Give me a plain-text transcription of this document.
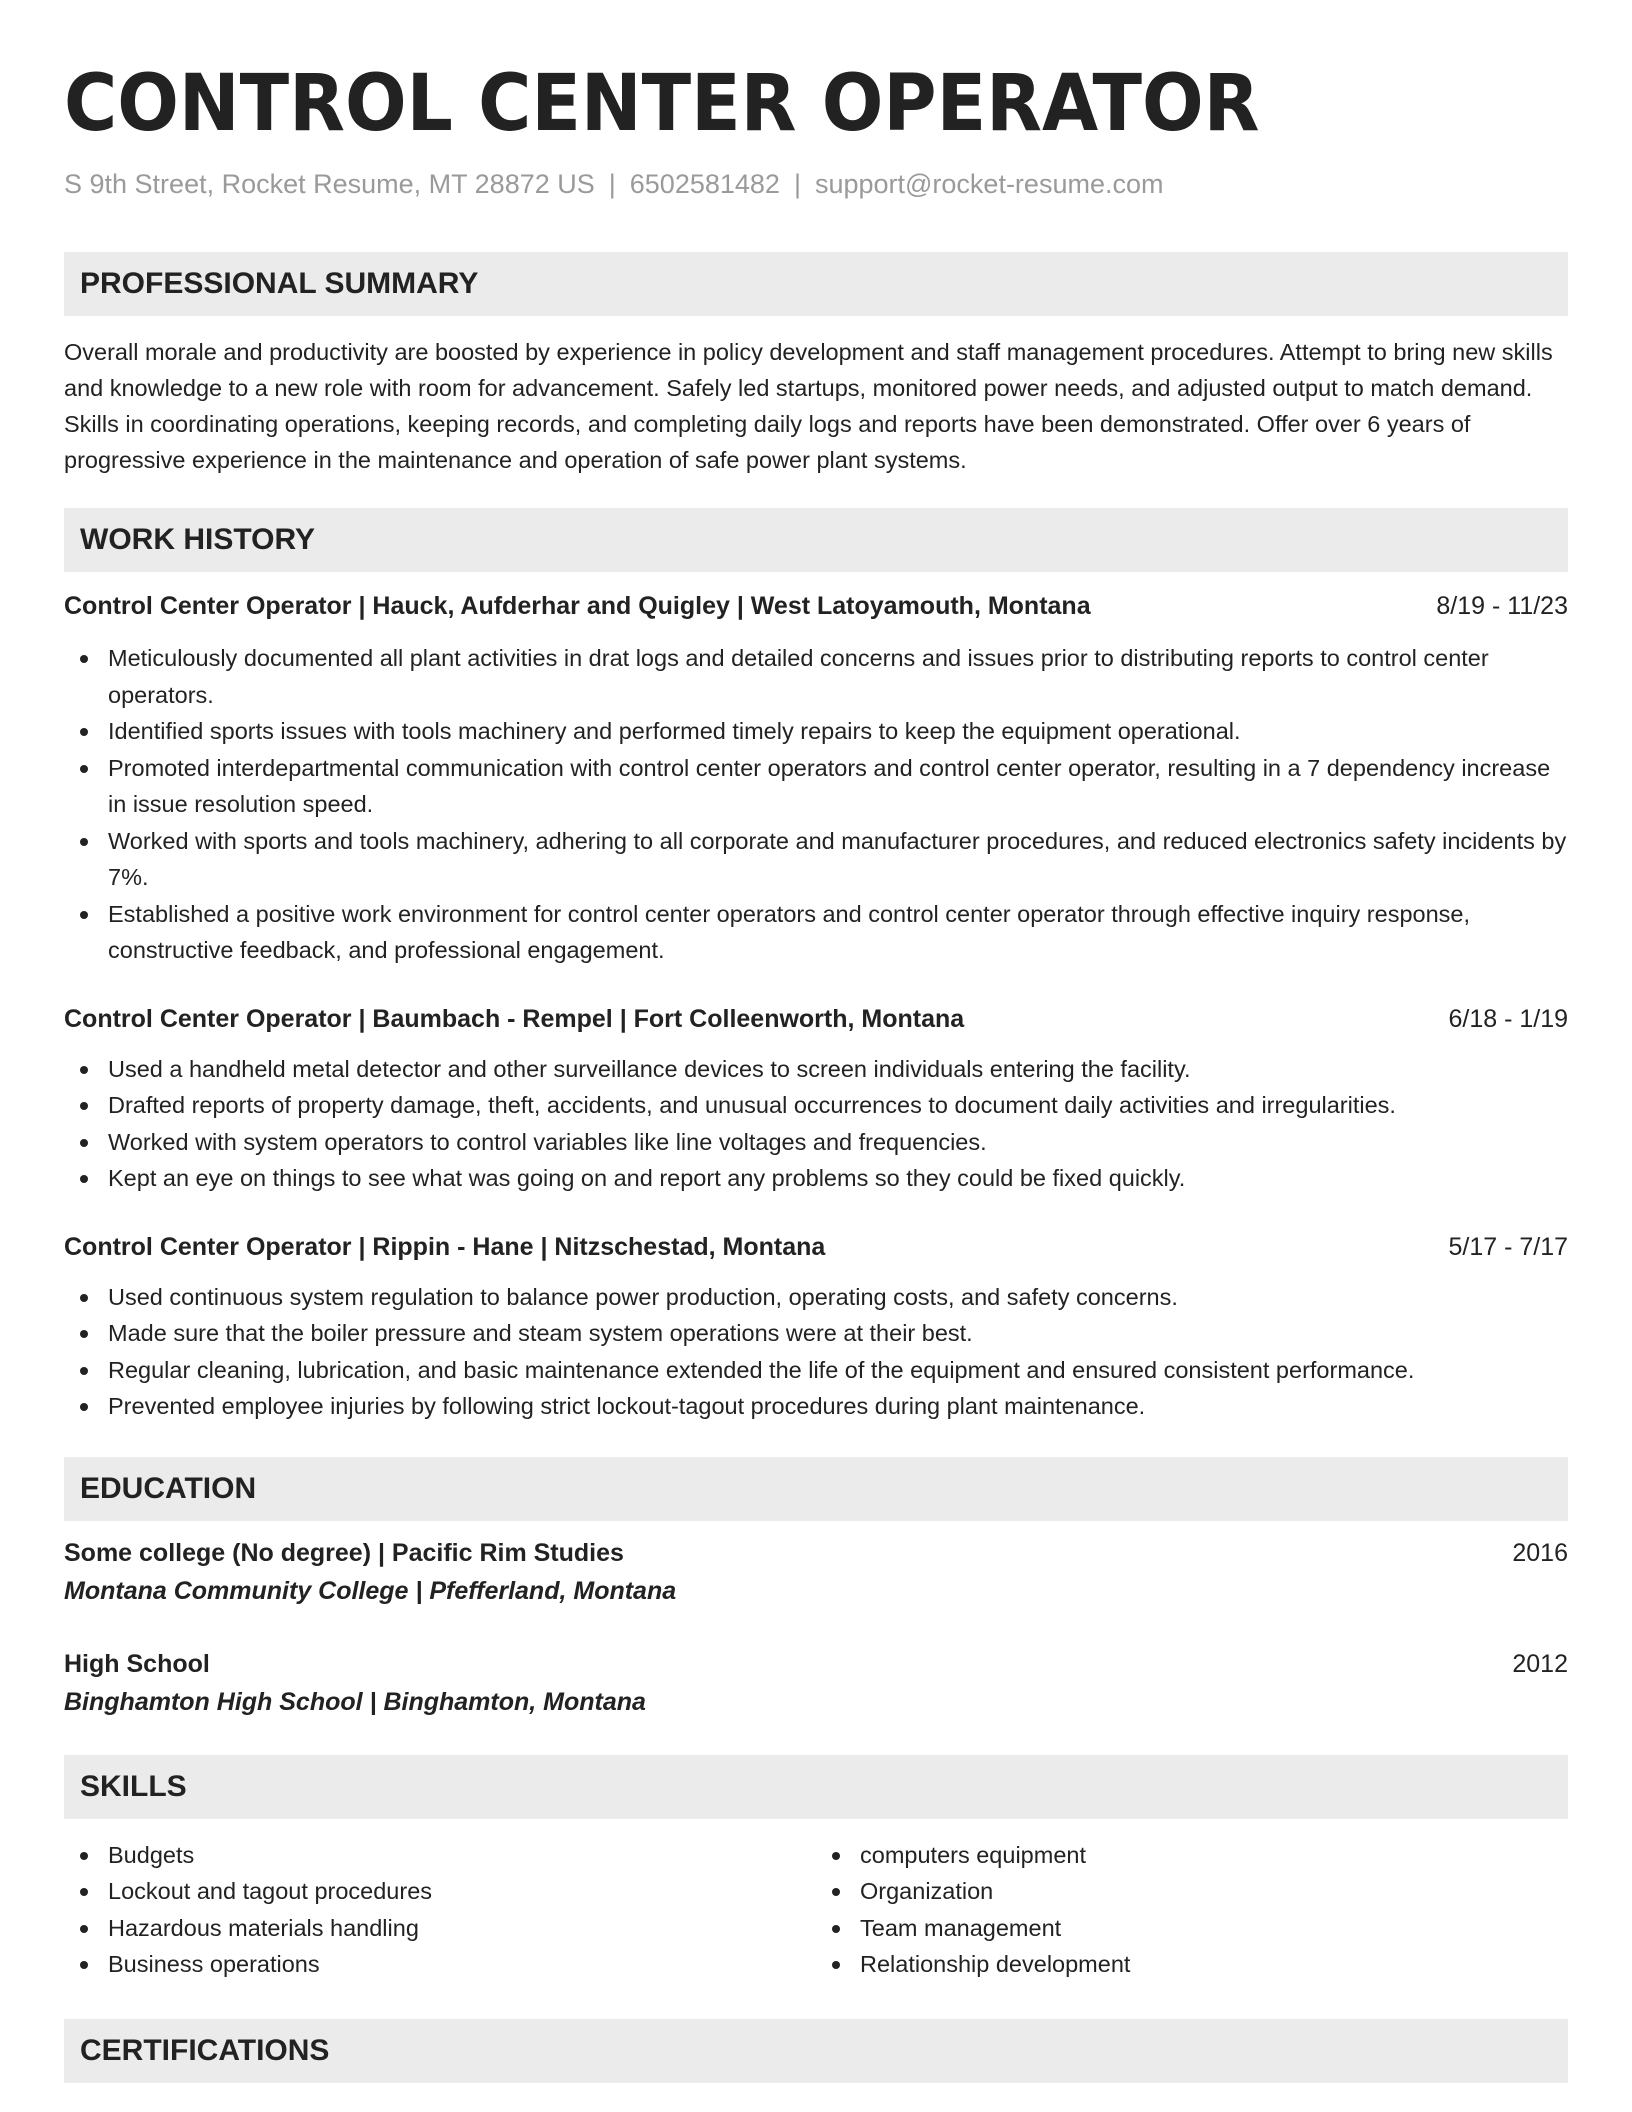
CONTROL CENTER OPERATOR
S 9th Street, Rocket Resume, MT 28872 US | 6502581482 | support@rocket-resume.com
PROFESSIONAL SUMMARY

Overall morale and productivity are boosted by experience in policy development and staff management procedures. Attempt to bring new skills and knowledge to a new role with room for advancement. Safely led startups, monitored power needs, and adjusted output to match demand. Skills in coordinating operations, keeping records, and completing daily logs and reports have been demonstrated. Offer over 6 years of progressive experience in the maintenance and operation of safe power plant systems.

WORK HISTORY
Control Center Operator | Hauck, Aufderhar and Quigley | West Latoyamouth, Montana	8/19 - 11/23
Meticulously documented all plant activities in drat logs and detailed concerns and issues prior to distributing reports to control center operators.
Identified sports issues with tools machinery and performed timely repairs to keep the equipment operational.
Promoted interdepartmental communication with control center operators and control center operator, resulting in a 7 dependency increase in issue resolution speed.
Worked with sports and tools machinery, adhering to all corporate and manufacturer procedures, and reduced electronics safety incidents by 7%.
Established a positive work environment for control center operators and control center operator through effective inquiry response, constructive feedback, and professional engagement.
Control Center Operator | Baumbach - Rempel | Fort Colleenworth, Montana	6/18 - 1/19
Used a handheld metal detector and other surveillance devices to screen individuals entering the facility.
Drafted reports of property damage, theft, accidents, and unusual occurrences to document daily activities and irregularities.
Worked with system operators to control variables like line voltages and frequencies.
Kept an eye on things to see what was going on and report any problems so they could be fixed quickly.
Control Center Operator | Rippin - Hane | Nitzschestad, Montana	5/17 - 7/17
Used continuous system regulation to balance power production, operating costs, and safety concerns.
Made sure that the boiler pressure and steam system operations were at their best.
Regular cleaning, lubrication, and basic maintenance extended the life of the equipment and ensured consistent performance.
Prevented employee injuries by following strict lockout-tagout procedures during plant maintenance.
EDUCATION
Some college (No degree) | Pacific Rim Studies	2016
Montana Community College | Pfefferland, Montana
High School	2012
Binghamton High School | Binghamton, Montana
SKILLS
Budgets
Lockout and tagout procedures
Hazardous materials handling
Business operations
computers equipment
Organization
Team management
Relationship development
CERTIFICATIONS
